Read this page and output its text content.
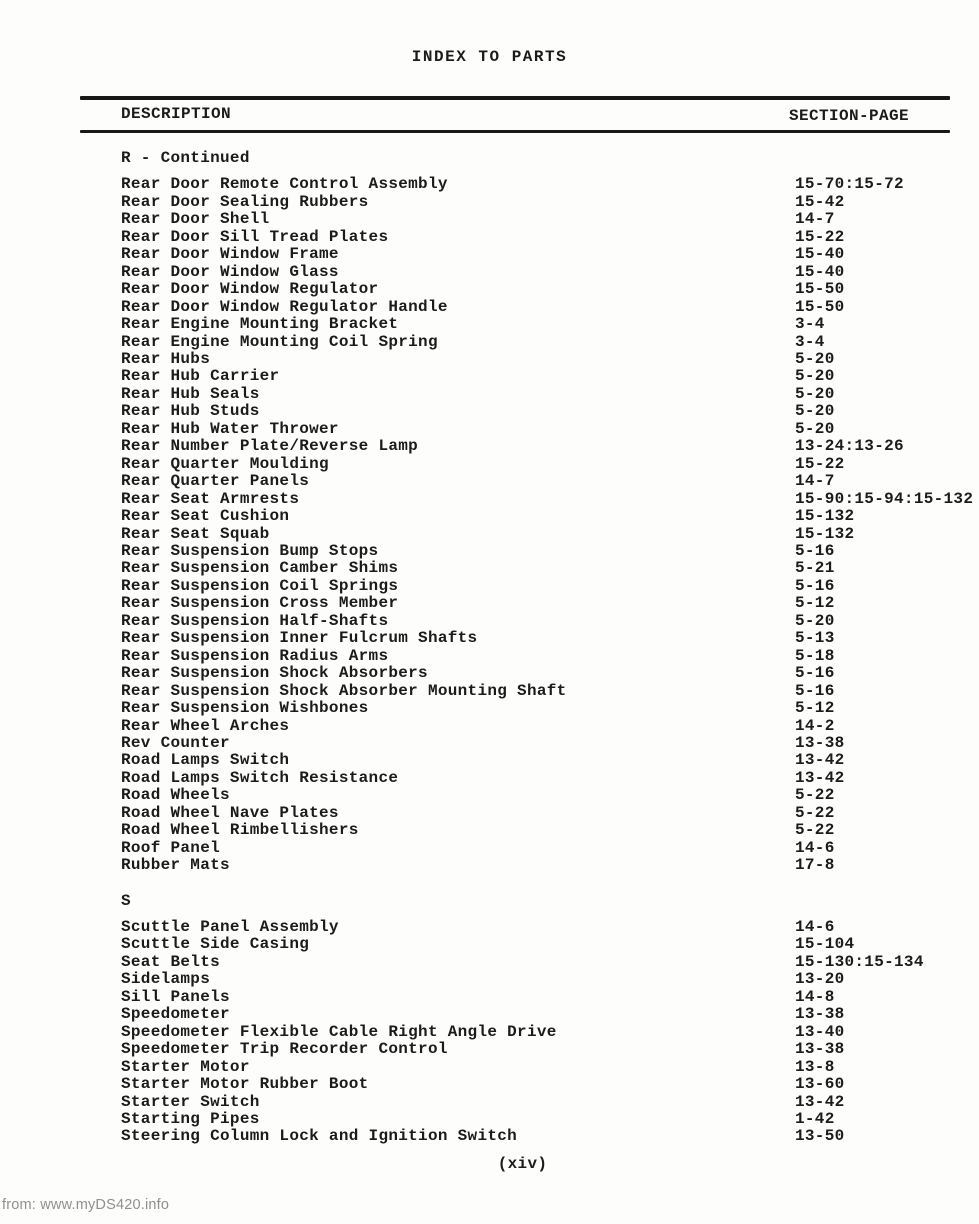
INDEX TO PARTS
DESCRIPTION	SECTION-PAGE
R - Continued
Rear Door Remote Control Assembly	15-70:15-72
Rear Door Sealing Rubbers	15-42
Rear Door Shell	14-7
Rear Door Sill Tread Plates	15-22
Rear Door Window Frame	15-40
Rear Door Window Glass	15-40
Rear Door Window Regulator	15-50
Rear Door Window Regulator Handle	15-50
Rear Engine Mounting Bracket	3-4
Rear Engine Mounting Coil Spring	3-4
Rear Hubs	5-20
Rear Hub Carrier	5-20
Rear Hub Seals	5-20
Rear Hub Studs	5-20
Rear Hub Water Thrower	5-20
Rear Number Plate/Reverse Lamp	13-24:13-26
Rear Quarter Moulding	15-22
Rear Quarter Panels	14-7
Rear Seat Armrests	15-90:15-94:15-132
Rear Seat Cushion	15-132
Rear Seat Squab	15-132
Rear Suspension Bump Stops	5-16
Rear Suspension Camber Shims	5-21
Rear Suspension Coil Springs	5-16
Rear Suspension Cross Member	5-12
Rear Suspension Half-Shafts	5-20
Rear Suspension Inner Fulcrum Shafts	5-13
Rear Suspension Radius Arms	5-18
Rear Suspension Shock Absorbers	5-16
Rear Suspension Shock Absorber Mounting Shaft	5-16
Rear Suspension Wishbones	5-12
Rear Wheel Arches	14-2
Rev Counter	13-38
Road Lamps Switch	13-42
Road Lamps Switch Resistance	13-42
Road Wheels	5-22
Road Wheel Nave Plates	5-22
Road Wheel Rimbellishers	5-22
Roof Panel	14-6
Rubber Mats	17-8
S
Scuttle Panel Assembly	14-6
Scuttle Side Casing	15-104
Seat Belts	15-130:15-134
Sidelamps	13-20
Sill Panels	14-8
Speedometer	13-38
Speedometer Flexible Cable Right Angle Drive	13-40
Speedometer Trip Recorder Control	13-38
Starter Motor	13-8
Starter Motor Rubber Boot	13-60
Starter Switch	13-42
Starting Pipes	1-42
Steering Column Lock and Ignition Switch	13-50
(xiv)
from: www.myDS420.info
